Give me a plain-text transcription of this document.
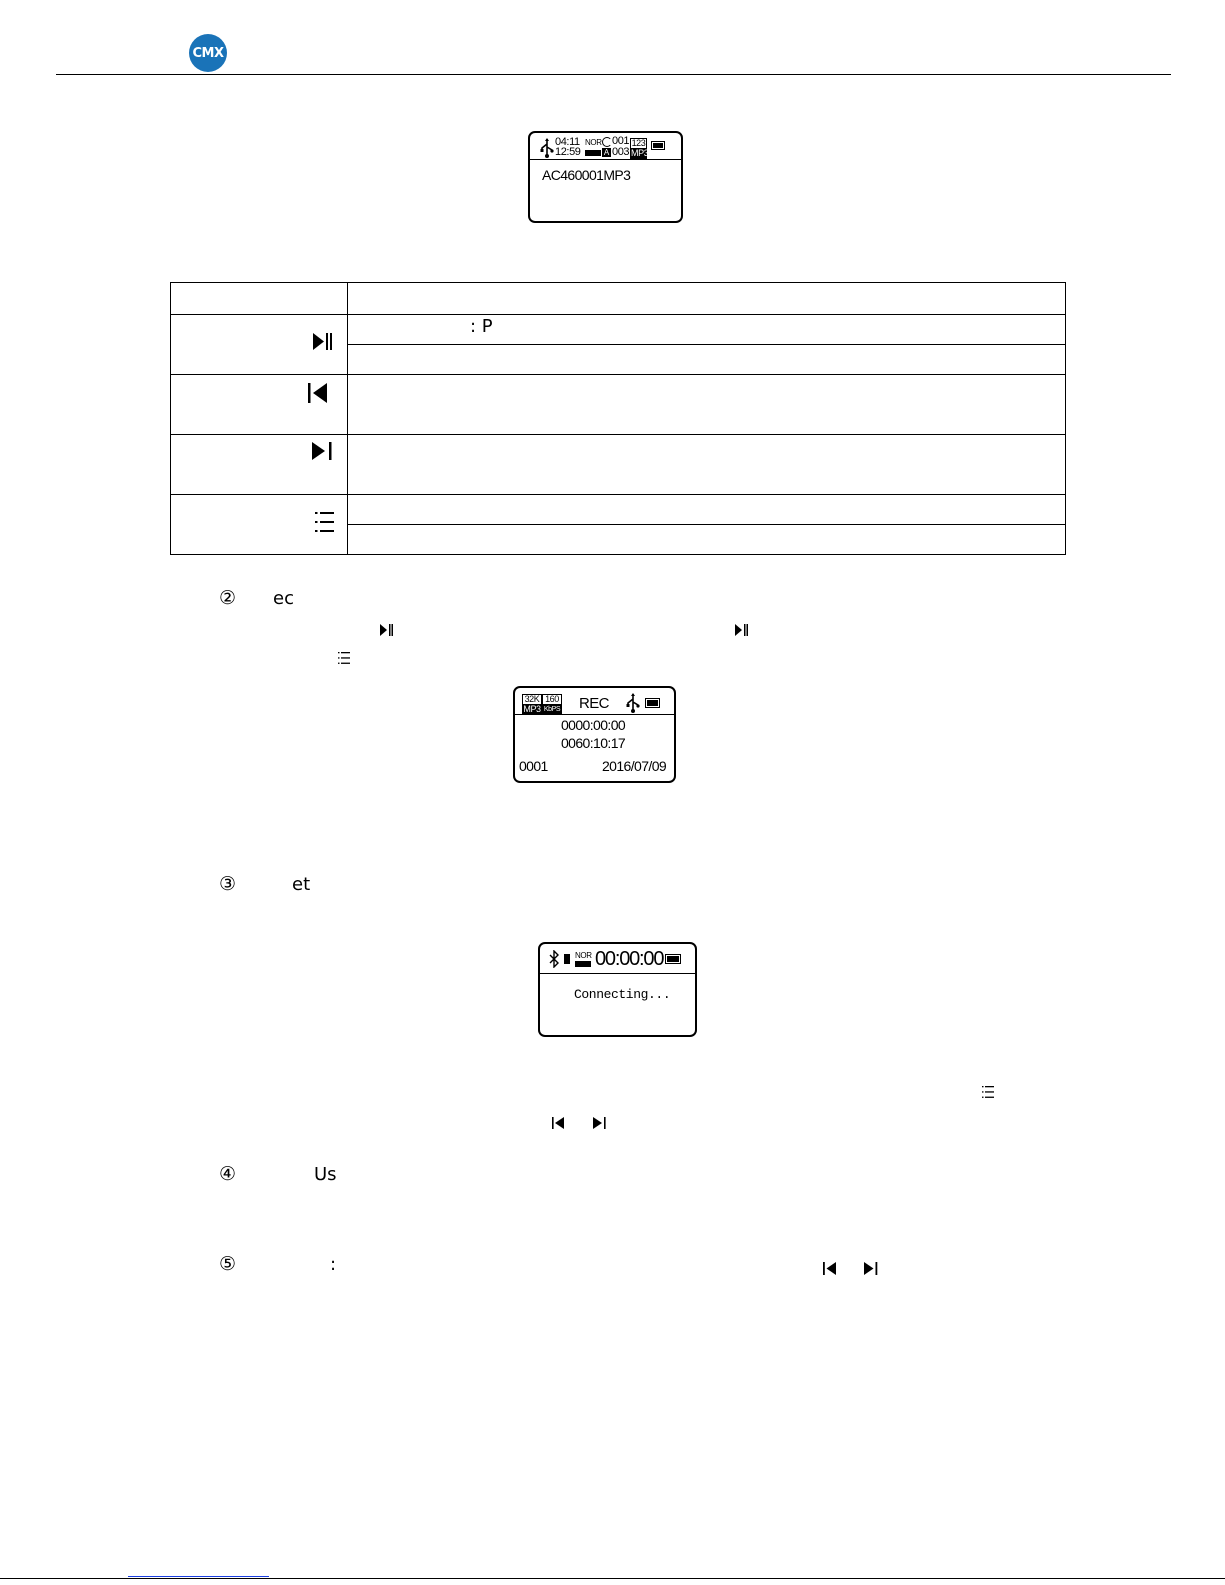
CMX
04:11
12:59
NOR
A
001
003
123
MP3
AC460001MP3
: P
② ec
32K
MP3
160
KbPS REC
0000:00:00
0060:10:17
0001	2016/07/09
③	et
NOR 00:00:00
Connecting...
④	Us
⑤	:
